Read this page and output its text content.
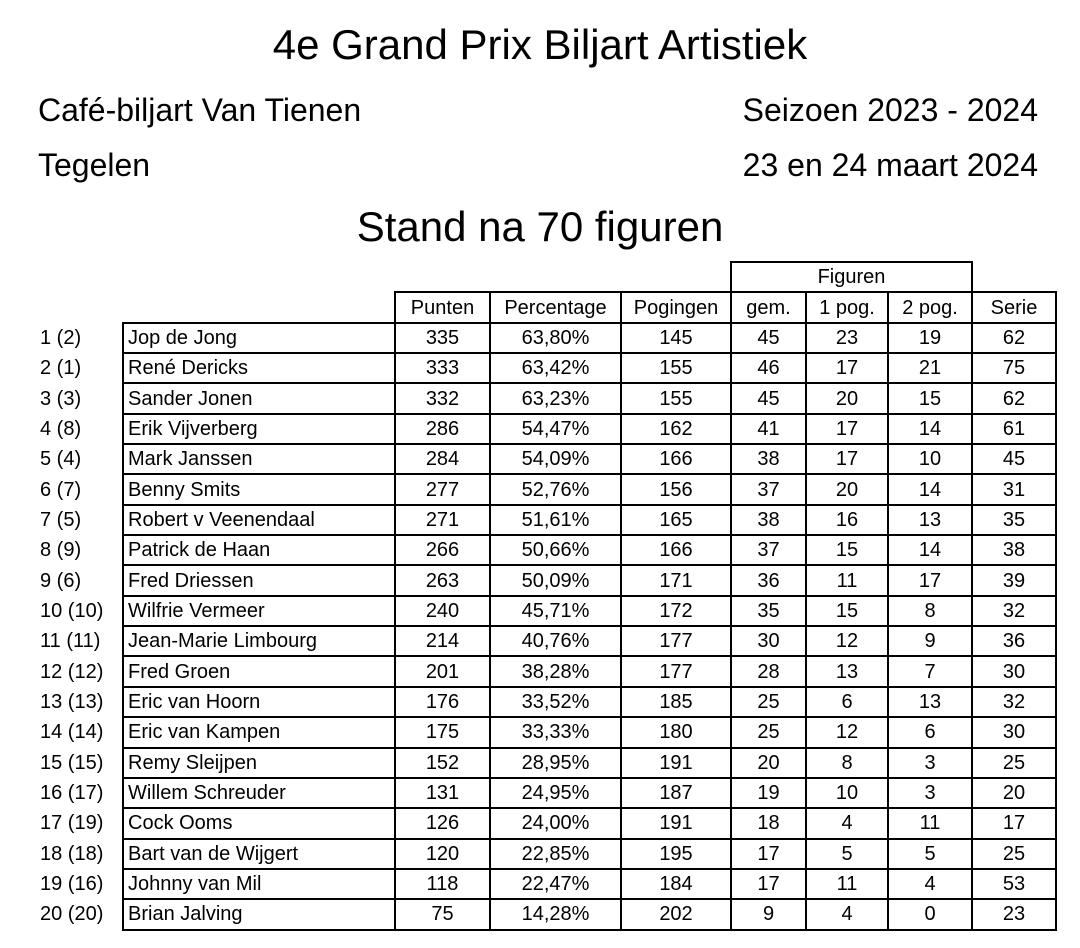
4e Grand Prix Biljart Artistiek
Café-biljart Van Tienen	Seizoen 2023 - 2024
Tegelen	23 en 24 maart 2024
Stand na 70 figuren
					Figuren			
		Punten	Percentage	Pogingen	gem.	1 pog.	2 pog.	Serie
1 (2)	Jop de Jong	335	63,80%	145	45	23	19	62
2 (1)	René Dericks	333	63,42%	155	46	17	21	75
3 (3)	Sander Jonen	332	63,23%	155	45	20	15	62
4 (8)	Erik Vijverberg	286	54,47%	162	41	17	14	61
5 (4)	Mark Janssen	284	54,09%	166	38	17	10	45
6 (7)	Benny Smits	277	52,76%	156	37	20	14	31
7 (5)	Robert v Veenendaal	271	51,61%	165	38	16	13	35
8 (9)	Patrick de Haan	266	50,66%	166	37	15	14	38
9 (6)	Fred Driessen	263	50,09%	171	36	11	17	39
10 (10)	Wilfrie Vermeer	240	45,71%	172	35	15	8	32
11 (11)	Jean-Marie Limbourg	214	40,76%	177	30	12	9	36
12 (12)	Fred Groen	201	38,28%	177	28	13	7	30
13 (13)	Eric van Hoorn	176	33,52%	185	25	6	13	32
14 (14)	Eric van Kampen	175	33,33%	180	25	12	6	30
15 (15)	Remy Sleijpen	152	28,95%	191	20	8	3	25
16 (17)	Willem Schreuder	131	24,95%	187	19	10	3	20
17 (19)	Cock Ooms	126	24,00%	191	18	4	11	17
18 (18)	Bart van de Wijgert	120	22,85%	195	17	5	5	25
19 (16)	Johnny van Mil	118	22,47%	184	17	11	4	53
20 (20)	Brian Jalving	75	14,28%	202	9	4	0	23
